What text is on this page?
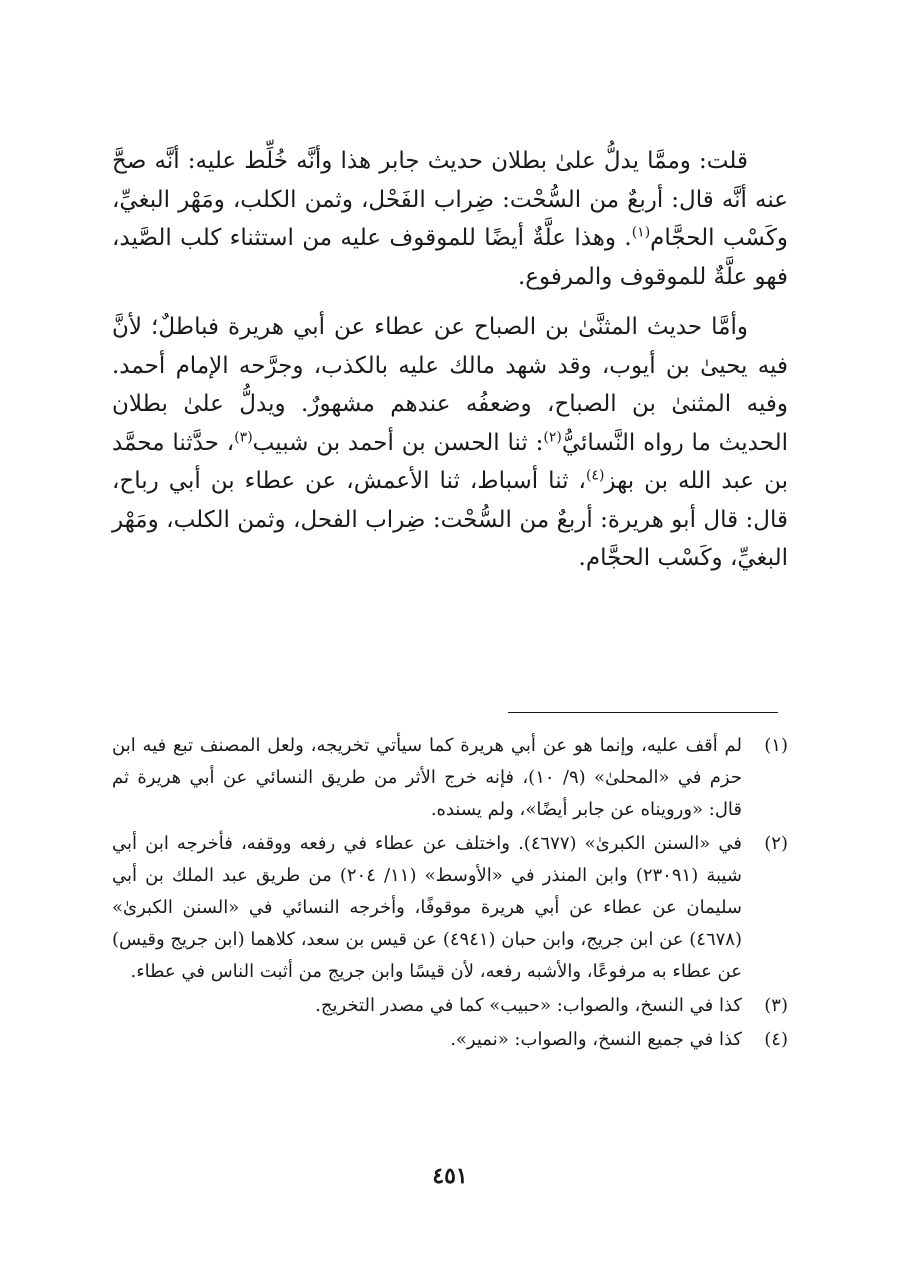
قلت: وممَّا يدلُّ علىٰ بطلان حديث جابر هذا وأنَّه خُلِّط عليه: أنَّه صحَّ عنه أنَّه قال: أربعٌ من السُّحْت: ضِراب الفَحْل، وثمن الكلب، ومَهْر البغيِّ، وكَسْب الحجَّام$^{(١)}$. وهذا علَّةٌ أيضًا للموقوف عليه من استثناء كلب الصَّيد، فهو علَّةٌ للموقوف والمرفوع.

وأمَّا حديث المثنَّىٰ بن الصباح عن عطاء عن أبي هريرة فباطلٌ؛ لأنَّ فيه يحيىٰ بن أيوب، وقد شهد مالك عليه بالكذب، وجرَّحه الإمام أحمد. وفيه المثنىٰ بن الصباح، وضعفُه عندهم مشهورٌ. ويدلُّ علىٰ بطلان الحديث ما رواه النَّسائيُّ$^{(٢)}$: ثنا الحسن بن أحمد بن شبيب$^{(٣)}$، حدَّثنا محمَّد بن عبد الله بن بهز$^{(٤)}$، ثنا أسباط، ثنا الأعمش، عن عطاء بن أبي رباح، قال: قال أبو هريرة: أربعٌ من السُّحْت: ضِراب الفحل، وثمن الكلب، ومَهْر البغيِّ، وكَسْب الحجَّام.

(١)
لم أقف عليه، وإنما هو عن أبي هريرة كما سيأتي تخريجه، ولعل المصنف تبع فيه ابن حزم في «المحلىٰ» (٩/ ١٠)، فإنه خرج الأثر من طريق النسائي عن أبي هريرة ثم قال: «ورويناه عن جابر أيضًا»، ولم يسنده.
(٢)
في «السنن الكبرىٰ» (٤٦٧٧). واختلف عن عطاء في رفعه ووقفه، فأخرجه ابن أبي شيبة (٢٣٠٩١) وابن المنذر في «الأوسط» (١١/ ٢٠٤) من طريق عبد الملك بن أبي سليمان عن عطاء عن أبي هريرة موقوفًا، وأخرجه النسائي في «السنن الكبرىٰ» (٤٦٧٨) عن ابن جريج، وابن حبان (٤٩٤١) عن قيس بن سعد، كلاهما (ابن جريج وقيس) عن عطاء به مرفوعًا، والأشبه رفعه، لأن قيسًا وابن جريج من أثبت الناس في عطاء.
(٣)
كذا في النسخ، والصواب: «حبيب» كما في مصدر التخريج.
(٤)
كذا في جميع النسخ، والصواب: «نمير».
٤٥١
